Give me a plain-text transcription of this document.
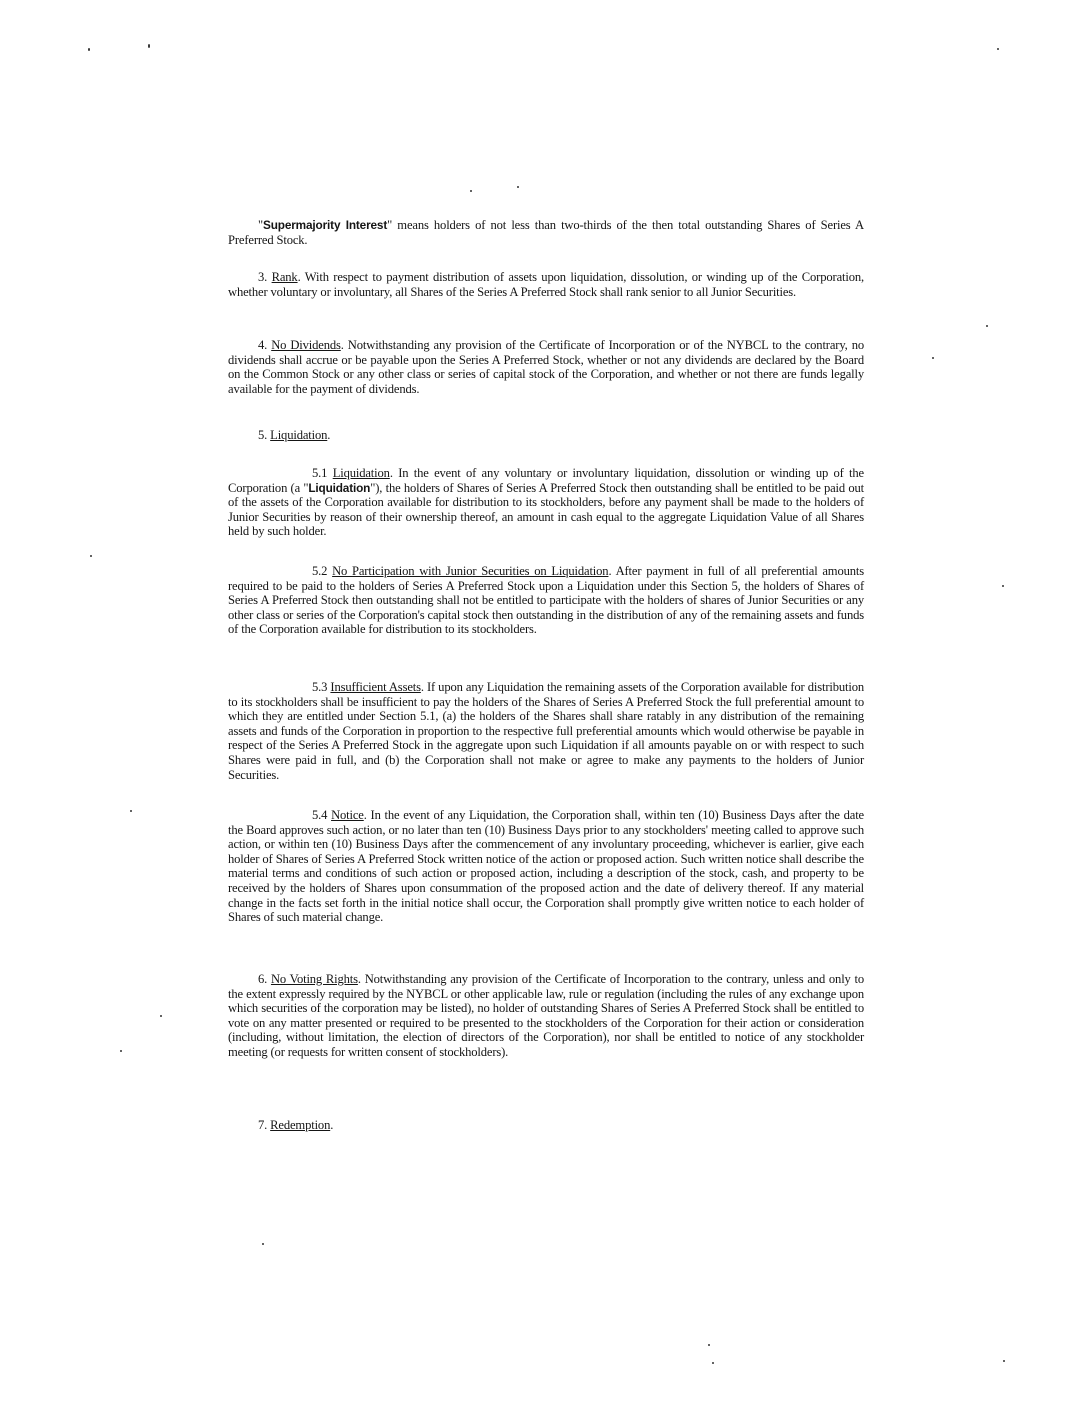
"Supermajority Interest" means holders of not less than two-thirds of the then total outstanding Shares of Series A Preferred Stock.
3. Rank. With respect to payment distribution of assets upon liquidation, dissolution, or winding up of the Corporation, whether voluntary or involuntary, all Shares of the Series A Preferred Stock shall rank senior to all Junior Securities.
4. No Dividends. Notwithstanding any provision of the Certificate of Incorporation or of the NYBCL to the contrary, no dividends shall accrue or be payable upon the Series A Preferred Stock, whether or not any dividends are declared by the Board on the Common Stock or any other class or series of capital stock of the Corporation, and whether or not there are funds legally available for the payment of dividends.
5. Liquidation.
5.1 Liquidation. In the event of any voluntary or involuntary liquidation, dissolution or winding up of the Corporation (a "Liquidation"), the holders of Shares of Series A Preferred Stock then outstanding shall be entitled to be paid out of the assets of the Corporation available for distribution to its stockholders, before any payment shall be made to the holders of Junior Securities by reason of their ownership thereof, an amount in cash equal to the aggregate Liquidation Value of all Shares held by such holder.
5.2 No Participation with Junior Securities on Liquidation. After payment in full of all preferential amounts required to be paid to the holders of Series A Preferred Stock upon a Liquidation under this Section 5, the holders of Shares of Series A Preferred Stock then outstanding shall not be entitled to participate with the holders of shares of Junior Securities or any other class or series of the Corporation's capital stock then outstanding in the distribution of any of the remaining assets and funds of the Corporation available for distribution to its stockholders.
5.3 Insufficient Assets. If upon any Liquidation the remaining assets of the Corporation available for distribution to its stockholders shall be insufficient to pay the holders of the Shares of Series A Preferred Stock the full preferential amount to which they are entitled under Section 5.1, (a) the holders of the Shares shall share ratably in any distribution of the remaining assets and funds of the Corporation in proportion to the respective full preferential amounts which would otherwise be payable in respect of the Series A Preferred Stock in the aggregate upon such Liquidation if all amounts payable on or with respect to such Shares were paid in full, and (b) the Corporation shall not make or agree to make any payments to the holders of Junior Securities.
5.4 Notice. In the event of any Liquidation, the Corporation shall, within ten (10) Business Days after the date the Board approves such action, or no later than ten (10) Business Days prior to any stockholders' meeting called to approve such action, or within ten (10) Business Days after the commencement of any involuntary proceeding, whichever is earlier, give each holder of Shares of Series A Preferred Stock written notice of the action or proposed action. Such written notice shall describe the material terms and conditions of such action or proposed action, including a description of the stock, cash, and property to be received by the holders of Shares upon consummation of the proposed action and the date of delivery thereof. If any material change in the facts set forth in the initial notice shall occur, the Corporation shall promptly give written notice to each holder of Shares of such material change.
6. No Voting Rights. Notwithstanding any provision of the Certificate of Incorporation to the contrary, unless and only to the extent expressly required by the NYBCL or other applicable law, rule or regulation (including the rules of any exchange upon which securities of the corporation may be listed), no holder of outstanding Shares of Series A Preferred Stock shall be entitled to vote on any matter presented or required to be presented to the stockholders of the Corporation for their action or consideration (including, without limitation, the election of directors of the Corporation), nor shall be entitled to notice of any stockholder meeting (or requests for written consent of stockholders).
7. Redemption.
